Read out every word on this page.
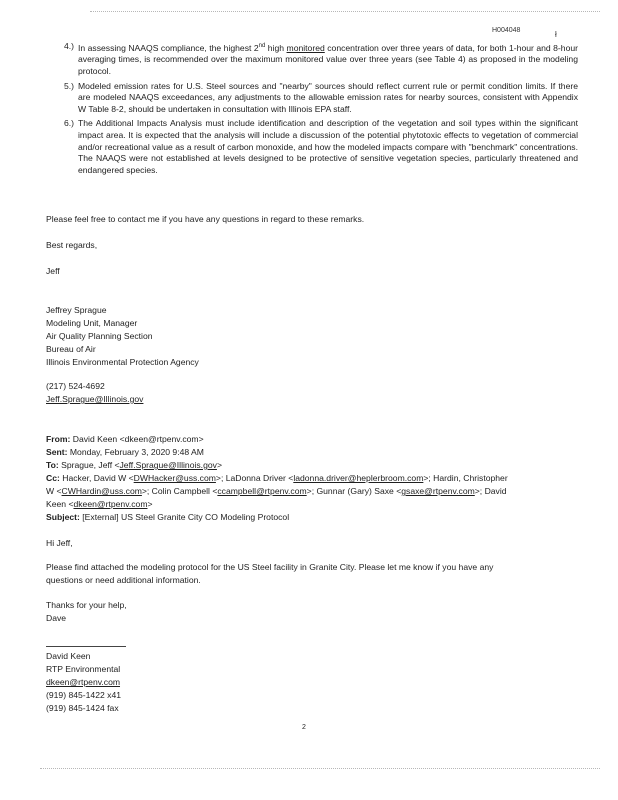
H004048	ł
4.) In assessing NAAQS compliance, the highest 2nd high monitored concentration over three years of data, for both 1-hour and 8-hour averaging times, is recommended over the maximum monitored value over three years (see Table 4) as proposed in the modeling protocol.
5.) Modeled emission rates for U.S. Steel sources and "nearby" sources should reflect current rule or permit condition limits. If there are modeled NAAQS exceedances, any adjustments to the allowable emission rates for nearby sources, consistent with Appendix W Table 8-2, should be undertaken in consultation with Illinois EPA staff.
6.) The Additional Impacts Analysis must include identification and description of the vegetation and soil types within the significant impact area. It is expected that the analysis will include a discussion of the potential phytotoxic effects to vegetation of commercial and/or recreational value as a result of carbon monoxide, and how the modeled impacts compare with "benchmark" concentrations. The NAAQS were not established at levels designed to be protective of sensitive vegetation species, particularly threatened and endangered species.
Please feel free to contact me if you have any questions in regard to these remarks.
Best regards,
Jeff
Jeffrey Sprague
Modeling Unit, Manager
Air Quality Planning Section
Bureau of Air
Illinois Environmental Protection Agency
(217) 524-4692
Jeff.Sprague@Illinois.gov
From: David Keen <dkeen@rtpenv.com>
Sent: Monday, February 3, 2020 9:48 AM
To: Sprague, Jeff <Jeff.Sprague@Illinois.gov>
Cc: Hacker, David W <DWHacker@uss.com>; LaDonna Driver <ladonna.driver@heplerbroom.com>; Hardin, Christopher
W <CWHardin@uss.com>; Colin Campbell <ccampbell@rtpenv.com>; Gunnar (Gary) Saxe <gsaxe@rtpenv.com>; David
Keen <dkeen@rtpenv.com>
Subject: [External] US Steel Granite City CO Modeling Protocol
Hi Jeff,
Please find attached the modeling protocol for the US Steel facility in Granite City. Please let me know if you have any
questions or need additional information.
Thanks for your help,
Dave
David Keen
RTP Environmental
dkeen@rtpenv.com
(919) 845-1422 x41
(919) 845-1424 fax
2
